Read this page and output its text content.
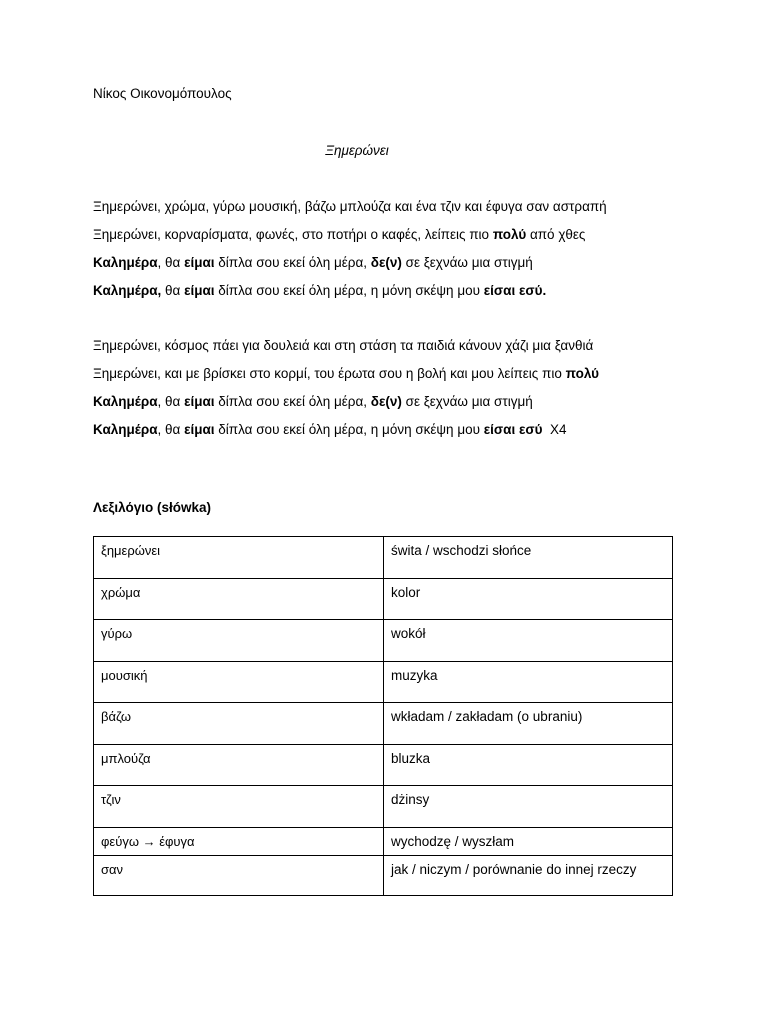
Νίκος Οικονομόπουλος
Ξημερώνει
Ξημερώνει, χρώμα, γύρω μουσική, βάζω μπλούζα και ένα τζιν και έφυγα σαν αστραπή
Ξημερώνει, κορναρίσματα, φωνές, στο ποτήρι ο καφές, λείπεις πιο πολύ από χθες
Καλημέρα, θα είμαι δίπλα σου εκεί όλη μέρα, δε(ν) σε ξεχνάω μια στιγμή
Καλημέρα, θα είμαι δίπλα σου εκεί όλη μέρα, η μόνη σκέψη μου είσαι εσύ.
Ξημερώνει, κόσμος πάει για δουλειά και στη στάση τα παιδιά κάνουν χάζι μια ξανθιά
Ξημερώνει, και με βρίσκει στο κορμί, του έρωτα σου η βολή και μου λείπεις πιο πολύ
Καλημέρα, θα είμαι δίπλα σου εκεί όλη μέρα, δε(ν) σε ξεχνάω μια στιγμή
Καλημέρα, θα είμαι δίπλα σου εκεί όλη μέρα, η μόνη σκέψη μου είσαι εσύ  X4
Λεξιλόγιο (słówka)
ξημερώνει	świta / wschodzi słońce
χρώμα	kolor
γύρω	wokół
μουσική	muzyka
βάζω	wkładam / zakładam (o ubraniu)
μπλούζα	bluzka
τζιν	dżinsy
φεύγω → έφυγα	wychodzę / wyszłam
σαν	jak / niczym / porównanie do innej rzeczy
